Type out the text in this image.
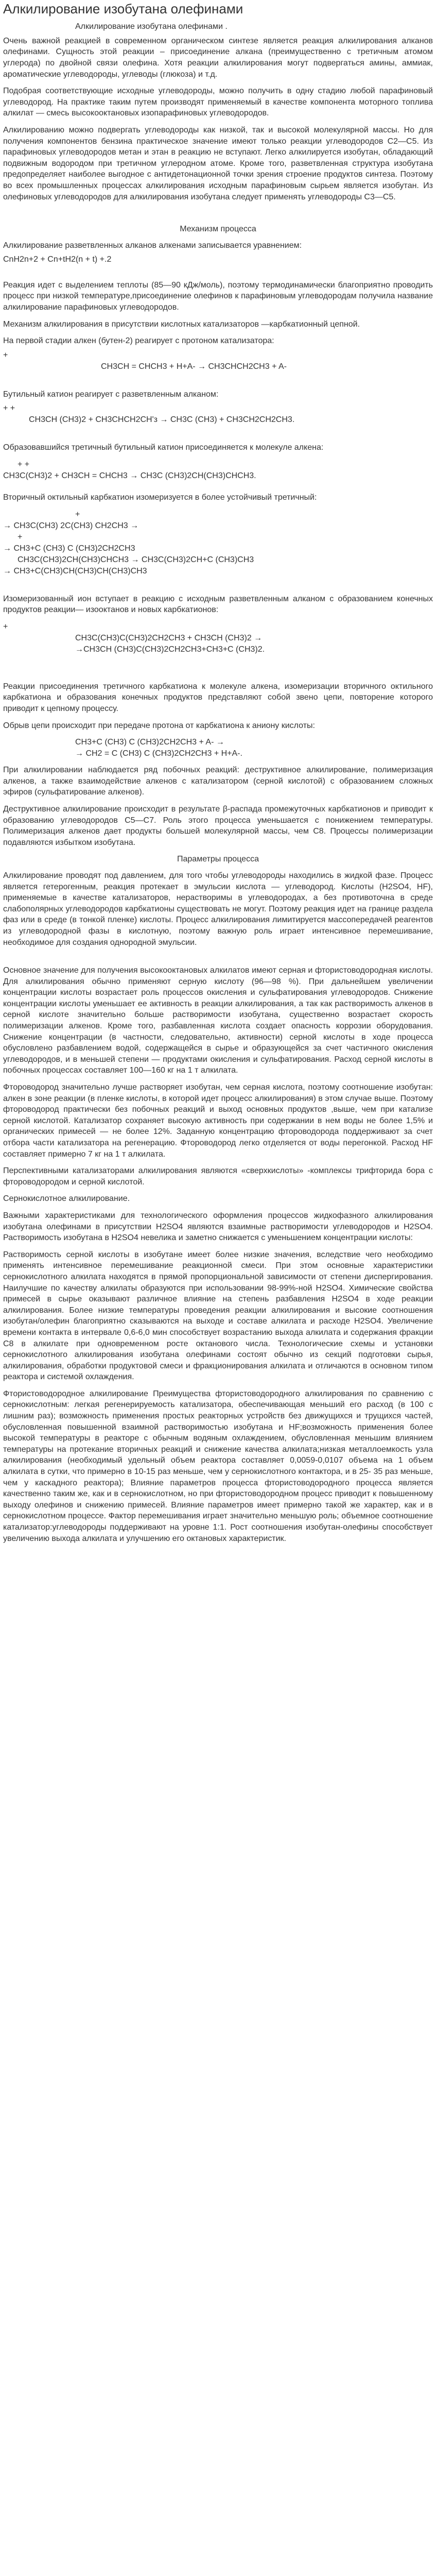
Алкилирование изобутана олефинами
Алкилирование изобутана олефинами .

Очень важной реакцией в современном органическом синтезе является реакция алкилирования алканов олефинами. Сущность этой реакции – присоединение алкана (преимущественно с третичным атомом углерода) по двойной связи олефина. Хотя реакции алкилирования могут подвергаться амины, аммиак, ароматические углеводороды, углеводы (глюкоза) и т.д.

Подобрая соответствующие исходные углеводороды, можно получить в одну стадию любой парафиновый углеводород. На практике таким путем производят применяемый в качестве компонента моторного топлива алкилат — смесь высокооктановых изопарафиновых углеводородов.

Алкилированию можно подвергать углеводороды как низкой, так и высокой молекулярной массы. Но для получения компонентов бензина практическое значение имеют только реакции углеводородов С2—С5. Из парафиновых углеводородов метан и этан в реакцию не вступают. Легко алкилируется изобутан, обладающий подвижным водородом при третичном углеродном атоме. Кроме того, разветвленная структура изобутана предопределяет наиболее выгодное с антидетонационной точки зрения строение продуктов синтеза. Поэтому во всех промышленных процессах алкилирования исходным парафиновым сырьем является изобутан. Из олефиновых углеводородов для алкилирования изобутана следует применять углеводороды С3—С5.

Механизм процесса
Алкилирование разветвленных алканов алкенами записывается уравнением:
CnH2n+2 + Cn+tH2(n + t) +.2

Реакция идет с выделением теплоты (85—90 кДж/моль), поэтому термодинамически благоприятно проводить процесс при низкой температуре,присоединение олефинов к парафиновым углеводородам получила название алкилирование парафиновых углеводородов.

Механизм алкилирования в присутствии кислотных катализаторов —карбкатионный цепной.

На первой стадии алкен (бутен-2) реагирует с протоном катализатора:
+
CH3CH = CHCH3 + H+A- → CH3CHCH2CH3 + A-
Бутильный катион реагирует с разветвленным алканом:
+ +
CH3CH (CH3)2 + CH3CHCH2CH'з → CH3C (CH3) + CH3CH2CH2CH3.

Образовавшийся третичный бутильный катион присоединяется к молекуле алкена:

+ +
CH3C(CH3)2 + CH3CH = CHCH3 → CH3C (CH3)2CH(CH3)CHCH3.

Вторичный октильный карбкатион изомеризуется в более устойчивый третичный:

+
→ CH3C(CH3) 2C(CH3) CH2CH3 →
+
→ CH3+C (CH3) C (CH3)2CH2CH3
CH3C(CH3)2CH(CH3)CHCH3 → CH3C(CH3)2CH+C (CH3)CH3
→ CH3+C(CH3)CH(CH3)CH(CH3)CH3

Изомеризованный ион вступает в реакцию с исходным разветвленным алканом с образованием конечных продуктов реакции— изооктанов и новых карбкатионов:

+
CH3C(CH3)C(CH3)2CH2CH3 + CH3CH (CH3)2 →
→CH3CH (CH3)C(CH3)2CH2CH3+CH3+C (CH3)2.

Реакции присоединения третичного карбкатиона к молекуле алкена, изомеризации вторичного октильного карбкатиона и образования конечных продуктов представляют собой звено цепи, повторение которого приводит к цепному процессу.

Обрыв цепи происходит при передаче протона от карбкатиона к аниону кислоты:

CH3+C (CH3) C (CH3)2CH2CH3 + A- →
→ CH2 = C (CH3) C (CH3)2CH2CH3 + H+A-.

При алкилировании наблюдается ряд побочных реакций: деструктивное алкилирование, полимеризация алкенов, а также взаимодействие алкенов с катализатором (серной кислотой) с образованием сложных эфиров (сульфатирование алкенов).

Деструктивное алкилирование происходит в результате β-распада промежуточных карбкатионов и приводит к образованию углеводородов С5—С7. Роль этого процесса уменьшается с понижением температуры. Полимеризация алкенов дает продукты большей молекулярной массы, чем С8. Процессы полимеризации подавляются избытком изобутана.

Параметры процесса

Алкилирование проводят под давлением, для того чтобы углеводороды находились в жидкой фазе. Процесс является гетерогенным, реакция протекает в эмульсии кислота — углеводород. Кислоты (H2SO4, HF), применяемые в качестве катализаторов, нерастворимы в углеводородах, а без противоточна в среде слабополярных углеводородов карбкатионы существовать не могут. Поэтому реакция идет на границе раздела фаз или в среде (в тонкой пленке) кислоты. Процесс алкилирования лимитируется массопередачей реагентов из углеводородной фазы в кислотную, поэтому важную роль играет интенсивное перемешивание, необходимое для создания однородной эмульсии.

Основное значение для получения высокооктановых алкилатов имеют серная и фтористоводородная кислоты. Для алкилирования обычно применяют серную кислоту (96—98 %). При дальнейшем увеличении концентрации кислоты возрастает роль процессов окисления и сульфатирования углеводородов. Снижение концентрации кислоты уменьшает ее активность в реакции алкилирования, а так как растворимость алкенов в серной кислоте значительно больше растворимости изобутана, существенно возрастает скорость полимеризации алкенов. Кроме того, разбавленная кислота создает опасность коррозии оборудования. Снижение концентрации (в частности, следовательно, активности) серной кислоты в ходе процесса обусловлено разбавлением водой, содержащейся в сырье и образующейся за счет частичного окисления углеводородов, и в меньшей степени — продуктами окисления и сульфатирования. Расход серной кислоты в побочных процессах составляет 100—160 кг на 1 т алкилата.

Фтороводород значительно лучше растворяет изобутан, чем серная кислота, поэтому соотношение изобутан: алкен в зоне реакции (в пленке кислоты, в которой идет процесс алкилирования) в этом случае выше. Поэтому фтороводород практически без побочных реакций и выход основных продуктов ,выше, чем при катализе серной кислотой. Катализатор сохраняет высокую активность при содержании в нем воды не более 1,5% и органических примесей — не более 12%. Заданную концентрацию фтороводорода поддерживают за счет отбора части катализатора на регенерацию. Фтороводород легко отделяется от воды перегонкой. Расход HF составляет примерно 7 кг на 1 т алкилата.

Перспективными катализаторами алкилирования являются «сверхкислоты» -комплексы трифторида бора с фтороводородом и серной кислотой.

Сернокислотное алкилирование.

Важными характеристиками для технологического оформления процессов жидкофазного алкилирования изобутана олефинами в присутствии H2SO4 являются взаимные растворимости углеводородов и H2SO4. Растворимость изобутана в H2SO4 невелика и заметно снижается с уменьшением концентрации кислоты:

Растворимость серной кислоты в изобутане имеет более низкие значения, вследствие чего необходимо применять интенсивное перемешивание реакционной смеси. При этом основные характеристики сернокислотного алкилата находятся в прямой пропорциональной зависимости от степени диспергирования. Наилучшие по качеству алкилаты образуются при использовании 98-99%-ной H2SO4. Химические свойства примесей в сырье оказывают различное влияние на степень разбавления H2SO4 в ходе реакции алкилирования. Более низкие температуры проведения реакции алкилирования и высокие соотношения изобутан/олефин благоприятно сказываются на выходе и составе алкилата и расходе H2SO4. Увеличение времени контакта в интервале 0,6-6,0 мин способствует возрастанию выхода алкилата и содержания фракции С8 в алкилате при одновременном росте октанового числа. Технологические схемы и установки сернокислотного алкилирования изобутана олефинами состоят обычно из секций подготовки сырья, алкилирования, обработки продуктовой смеси и фракционирования алкилата и отличаются в основном типом реактора и системой охлаждения.

Фтористоводородное алкилирование Преимущества фтористоводородного алкилирования по сравнению с сернокислотным: легкая регенерируемость катализатора, обеспечивающая меньший его расход (в 100 с лишним раз); возможность применения простых реакторных устройств без движущихся и трущихся частей, обусловленная повышенной взаимной растворимостью изобутана и HF;возможность применения более высокой температуры в реакторе с обычным водяным охлаждением, обусловленная меньшим влиянием температуры на протекание вторичных реакций и снижение качества алкилата;низкая металлоемкость узла алкилирования (необходимый удельный объем реактора составляет 0,0059-0,0107 объема на 1 объем алкилата в сутки, что примерно в 10-15 раз меньше, чем у сернокислотного контактора, и в 25- 35 раз меньше, чем у каскадного реактора); Влияние параметров процесса фтористоводородного процесса является качественно таким же, как и в сернокислотном, но при фтористоводородном процесс приводит к повышенному выходу олефинов и снижению примесей. Влияние параметров имеет примерно такой же характер, как и в сернокислотном процессе. Фактор перемешивания играет значительно меньшую роль; объемное соотношение катализатор:углеводороды поддерживают на уровне 1:1. Рост соотношения изобутан-олефины способствует увеличению выхода алкилата и улучшению его октановых характеристик.
